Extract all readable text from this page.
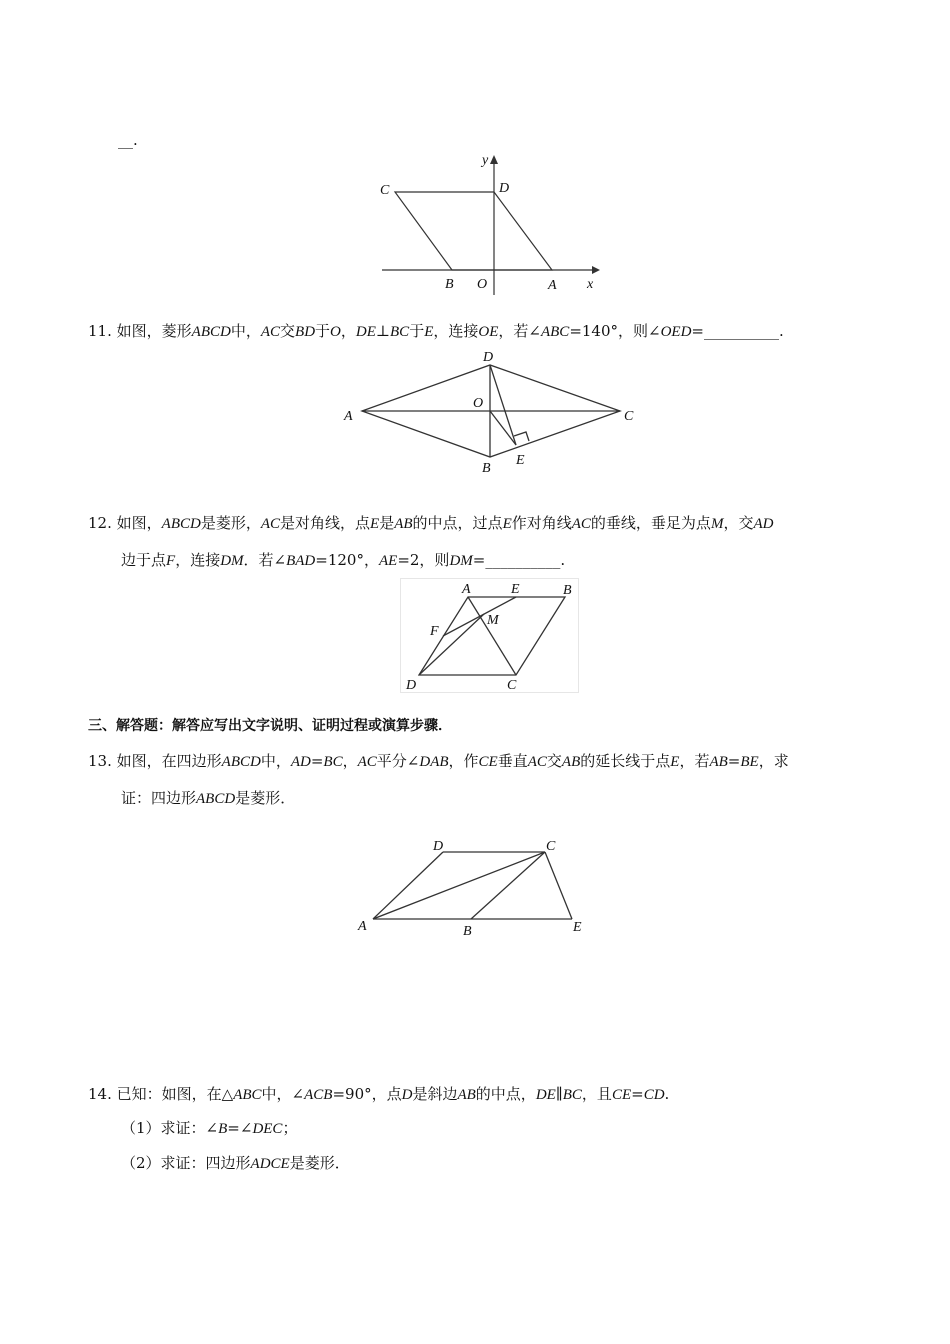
__.
y
x
C	D
B O	A
11. 如图，菱形ABCD中，AC交BD于O，DE⊥BC于E，连接OE，若∠ABC=140°，则∠OED=__________.
D
O
A	C
B
E
12. 如图，ABCD是菱形，AC是对角线，点E是AB的中点，过点E作对角线AC的垂线，垂足为点M，交AD
边于点F，连接DM．若∠BAD=120°，AE=2，则DM=__________.
A	E	B
F
M
D	C
三、解答题：解答应写出文字说明、证明过程或演算步骤．
13. 如图，在四边形ABCD中，AD=BC，AC平分∠DAB，作CE垂直AC交AB的延长线于点E，若AB=BE，求
证：四边形ABCD是菱形．
D	C
A	B	E
14. 已知：如图，在△ABC中，∠ACB=90°，点D是斜边AB的中点，DE∥BC，且CE=CD.
（1）求证：∠B=∠DEC；
（2）求证：四边形ADCE是菱形．
